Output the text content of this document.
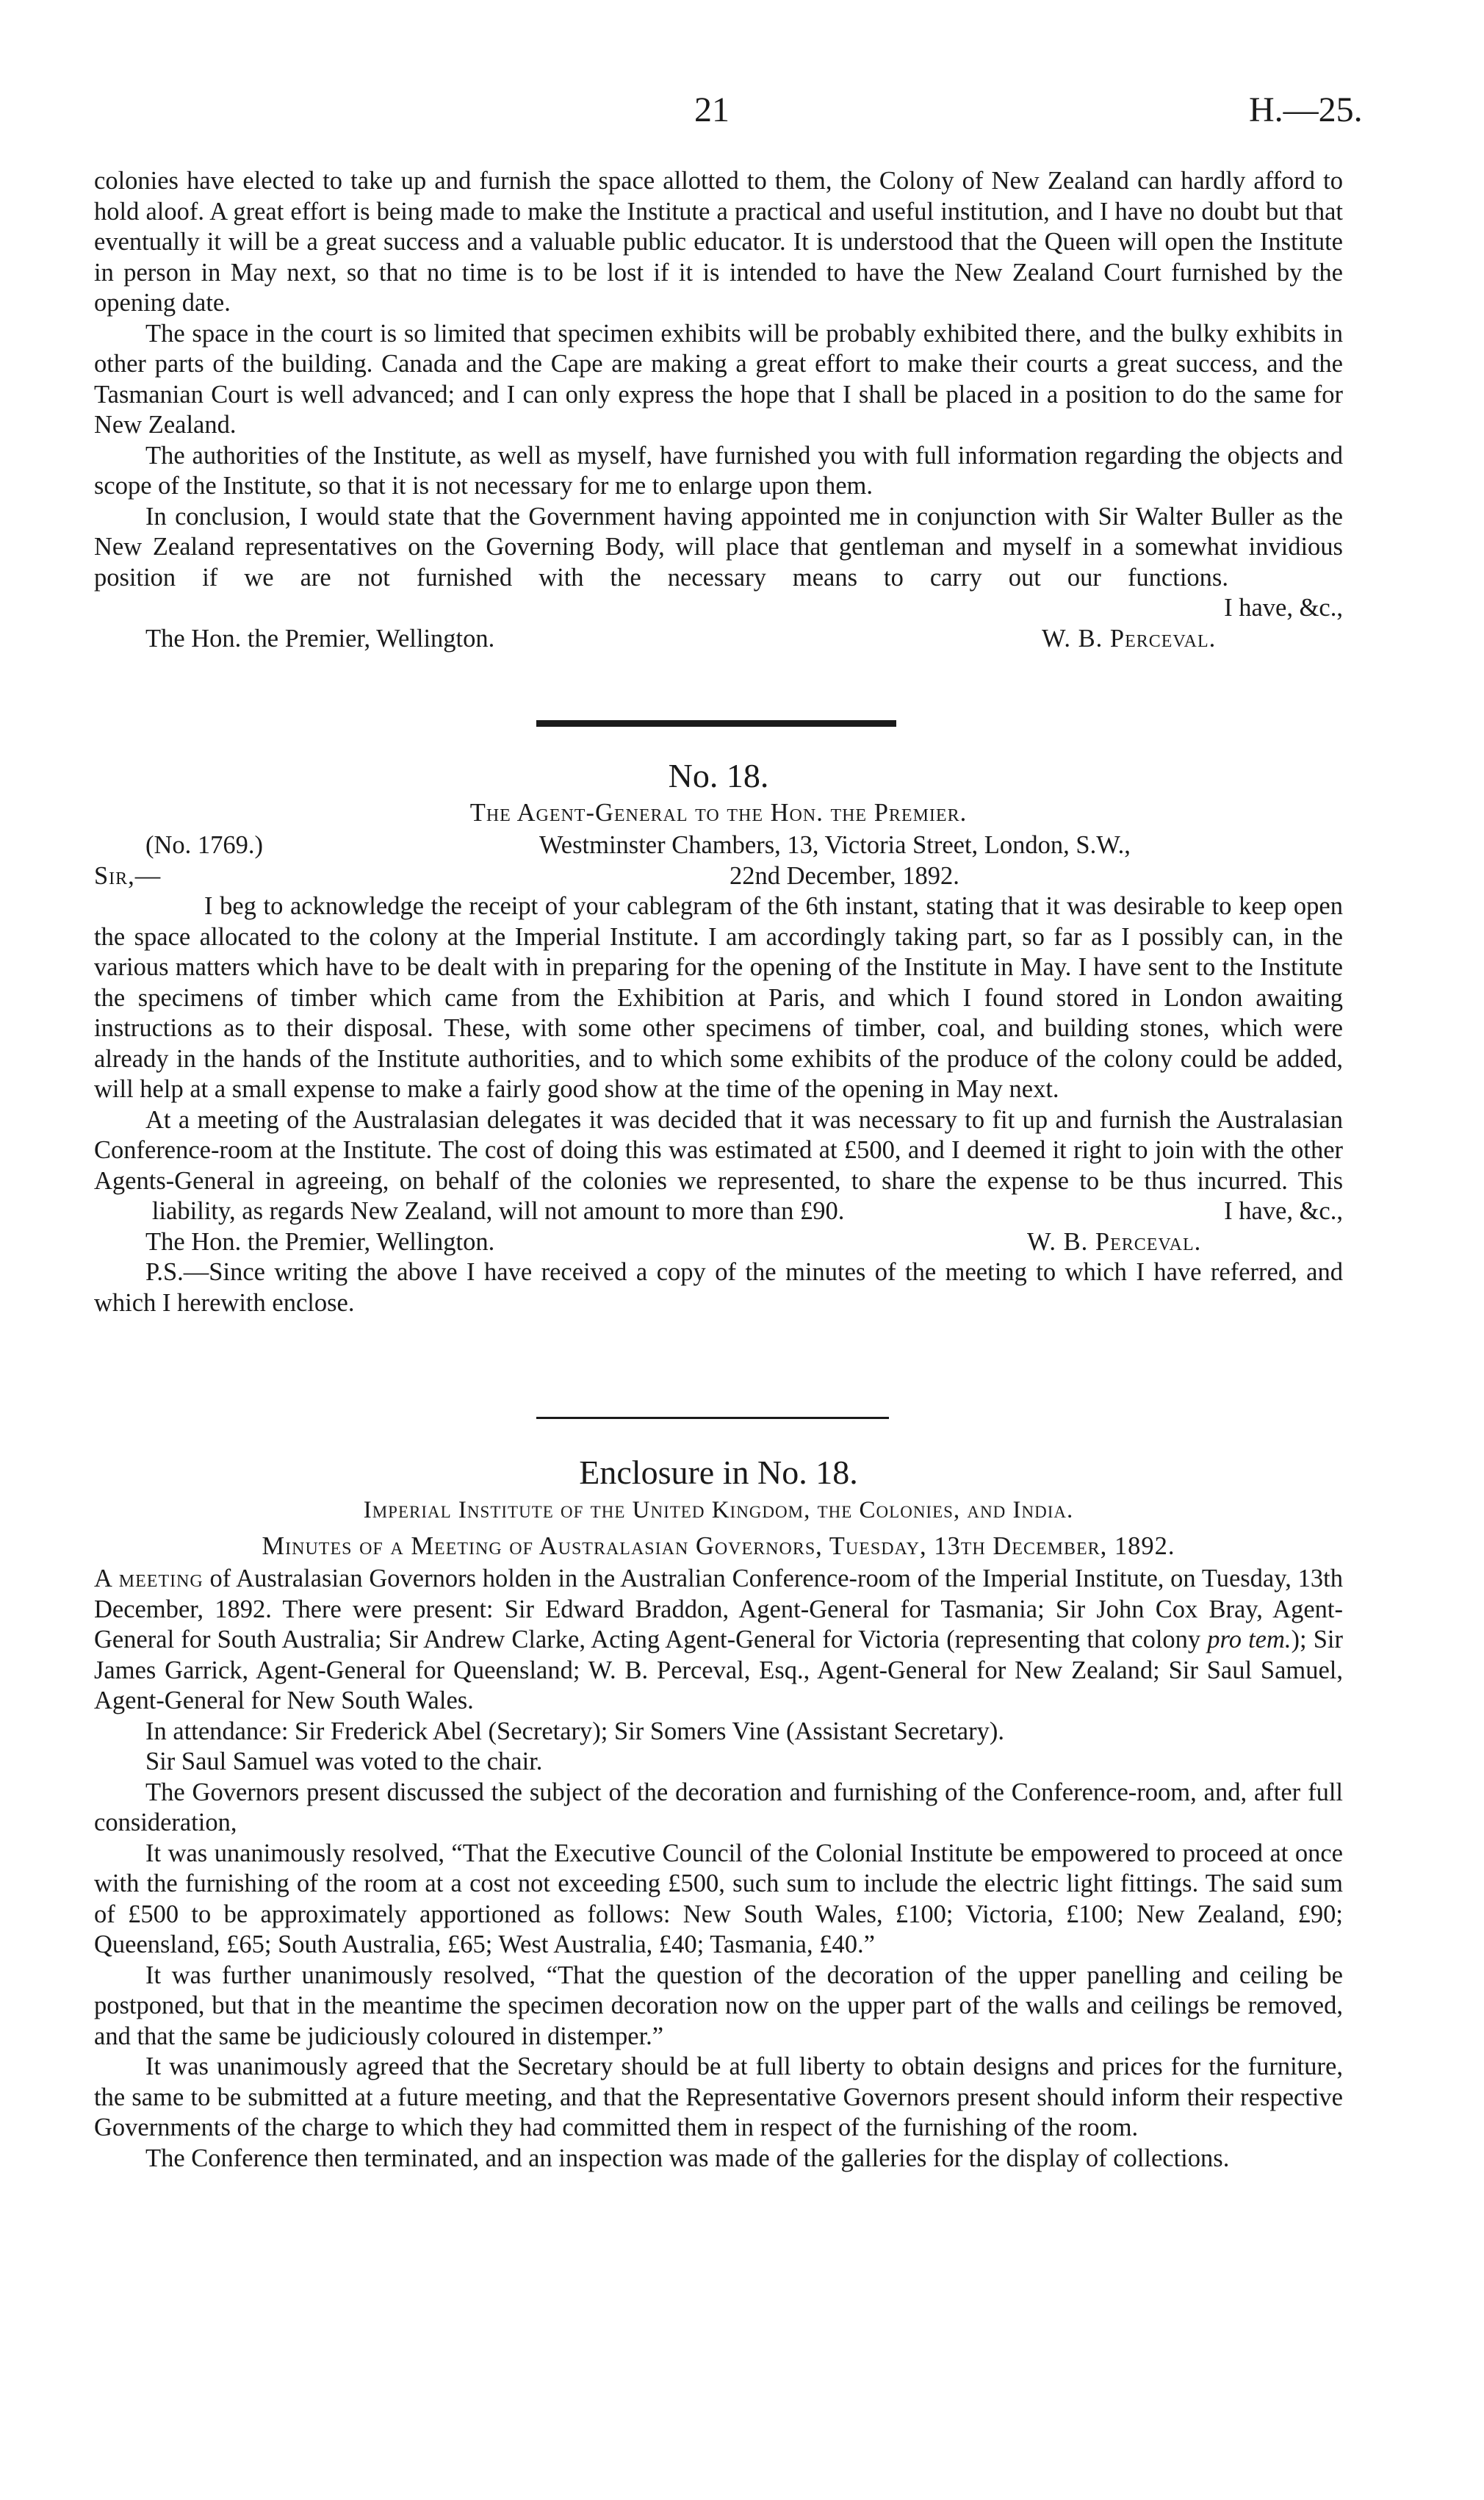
21	H.—25.

colonies have elected to take up and furnish the space allotted to them, the Colony of New Zealand can hardly afford to hold aloof. A great effort is being made to make the Institute a practical and useful institution, and I have no doubt but that eventually it will be a great success and a valuable public educator. It is understood that the Queen will open the Institute in person in May next, so that no time is to be lost if it is intended to have the New Zealand Court furnished by the opening date.

The space in the court is so limited that specimen exhibits will be probably exhibited there, and the bulky exhibits in other parts of the building. Canada and the Cape are making a great effort to make their courts a great success, and the Tasmanian Court is well advanced; and I can only express the hope that I shall be placed in a position to do the same for New Zealand.

The authorities of the Institute, as well as myself, have furnished you with full information regarding the objects and scope of the Institute, so that it is not necessary for me to enlarge upon them.

In conclusion, I would state that the Government having appointed me in conjunction with Sir Walter Buller as the New Zealand representatives on the Governing Body, will place that gentleman and myself in a somewhat invidious position if we are not furnished with the necessary means to carry out our functions. I have, &c.,

The Hon. the Premier, Wellington.	W. B. Perceval.
No. 18.
The Agent-General to the Hon. the Premier.
(No. 1769.)	Westminster Chambers, 13, Victoria Street, London, S.W.,
Sir,—	22nd December, 1892.

I beg to acknowledge the receipt of your cablegram of the 6th instant, stating that it was desirable to keep open the space allocated to the colony at the Imperial Institute. I am accordingly taking part, so far as I possibly can, in the various matters which have to be dealt with in preparing for the opening of the Institute in May. I have sent to the Institute the specimens of timber which came from the Exhibition at Paris, and which I found stored in London awaiting instructions as to their disposal. These, with some other specimens of timber, coal, and building stones, which were already in the hands of the Institute authorities, and to which some exhibits of the produce of the colony could be added, will help at a small expense to make a fairly good show at the time of the opening in May next.

At a meeting of the Australasian delegates it was decided that it was necessary to fit up and furnish the Australasian Conference-room at the Institute. The cost of doing this was estimated at £500, and I deemed it right to join with the other Agents-General in agreeing, on behalf of the colonies we represented, to share the expense to be thus incurred. This liability, as regards New Zealand, will not amount to more than £90.	I have, &c.,

The Hon. the Premier, Wellington.	W. B. Perceval.

P.S.—Since writing the above I have received a copy of the minutes of the meeting to which I have referred, and which I herewith enclose.

Enclosure in No. 18.
Imperial Institute of the United Kingdom, the Colonies, and India.
Minutes of a Meeting of Australasian Governors, Tuesday, 13th December, 1892.

A meeting of Australasian Governors holden in the Australian Conference-room of the Imperial Institute, on Tuesday, 13th December, 1892. There were present: Sir Edward Braddon, Agent-General for Tasmania; Sir John Cox Bray, Agent-General for South Australia; Sir Andrew Clarke, Acting Agent-General for Victoria (representing that colony pro tem.); Sir James Garrick, Agent-General for Queensland; W. B. Perceval, Esq., Agent-General for New Zealand; Sir Saul Samuel, Agent-General for New South Wales.

In attendance: Sir Frederick Abel (Secretary); Sir Somers Vine (Assistant Secretary).

Sir Saul Samuel was voted to the chair.

The Governors present discussed the subject of the decoration and furnishing of the Conference-room, and, after full consideration,

It was unanimously resolved, “That the Executive Council of the Colonial Institute be empowered to proceed at once with the furnishing of the room at a cost not exceeding £500, such sum to include the electric light fittings. The said sum of £500 to be approximately apportioned as follows: New South Wales, £100; Victoria, £100; New Zealand, £90; Queensland, £65; South Australia, £65; West Australia, £40; Tasmania, £40.”

It was further unanimously resolved, “That the question of the decoration of the upper panelling and ceiling be postponed, but that in the meantime the specimen decoration now on the upper part of the walls and ceilings be removed, and that the same be judiciously coloured in distemper.”

It was unanimously agreed that the Secretary should be at full liberty to obtain designs and prices for the furniture, the same to be submitted at a future meeting, and that the Representative Governors present should inform their respective Governments of the charge to which they had committed them in respect of the furnishing of the room.

The Conference then terminated, and an inspection was made of the galleries for the display of collections.
